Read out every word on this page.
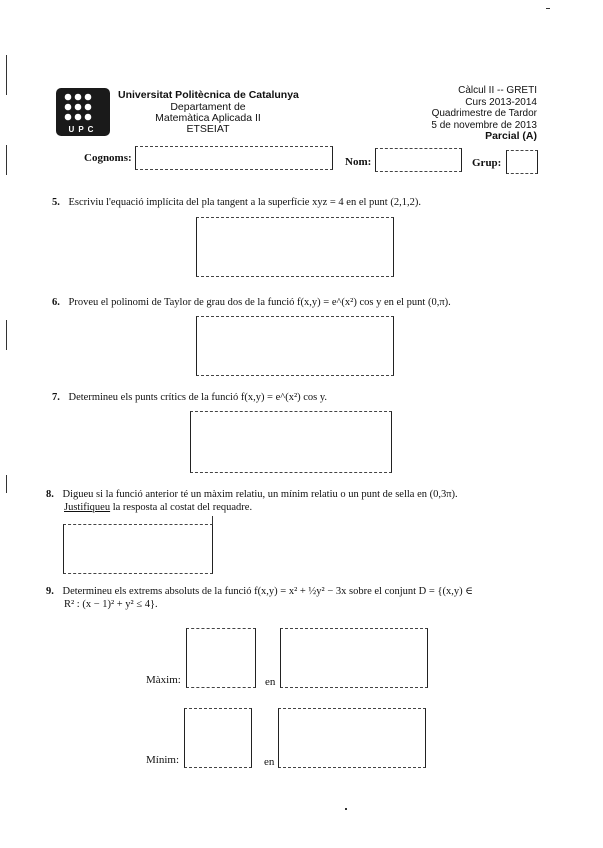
UPC
Universitat Politècnica de Catalunya
Departament de
Matemàtica Aplicada II
ETSEIAT
Càlcul II -- GRETI
Curs 2013-2014
Quadrimestre de Tardor
5 de novembre de 2013
Parcial (A)
Cognoms:	Nom:	Grup:
5. Escriviu l'equació implícita del pla tangent a la superfície xyz = 4 en el punt (2,1,2).
6. Proveu el polinomi de Taylor de grau dos de la funció f(x,y) = e^(x²) cos y en el punt (0,π).
7. Determineu els punts crítics de la funció f(x,y) = e^(x²) cos y.
8. Digueu si la funció anterior té un màxim relatiu, un mínim relatiu o un punt de sella en (0,3π).
Justifiqueu la resposta al costat del requadre.
9. Determineu els extrems absoluts de la funció f(x,y) = x² + ½y² − 3x sobre el conjunt D = {(x,y) ∈
R² : (x − 1)² + y² ≤ 4}.
Màxim:	en
Mínim:	en
